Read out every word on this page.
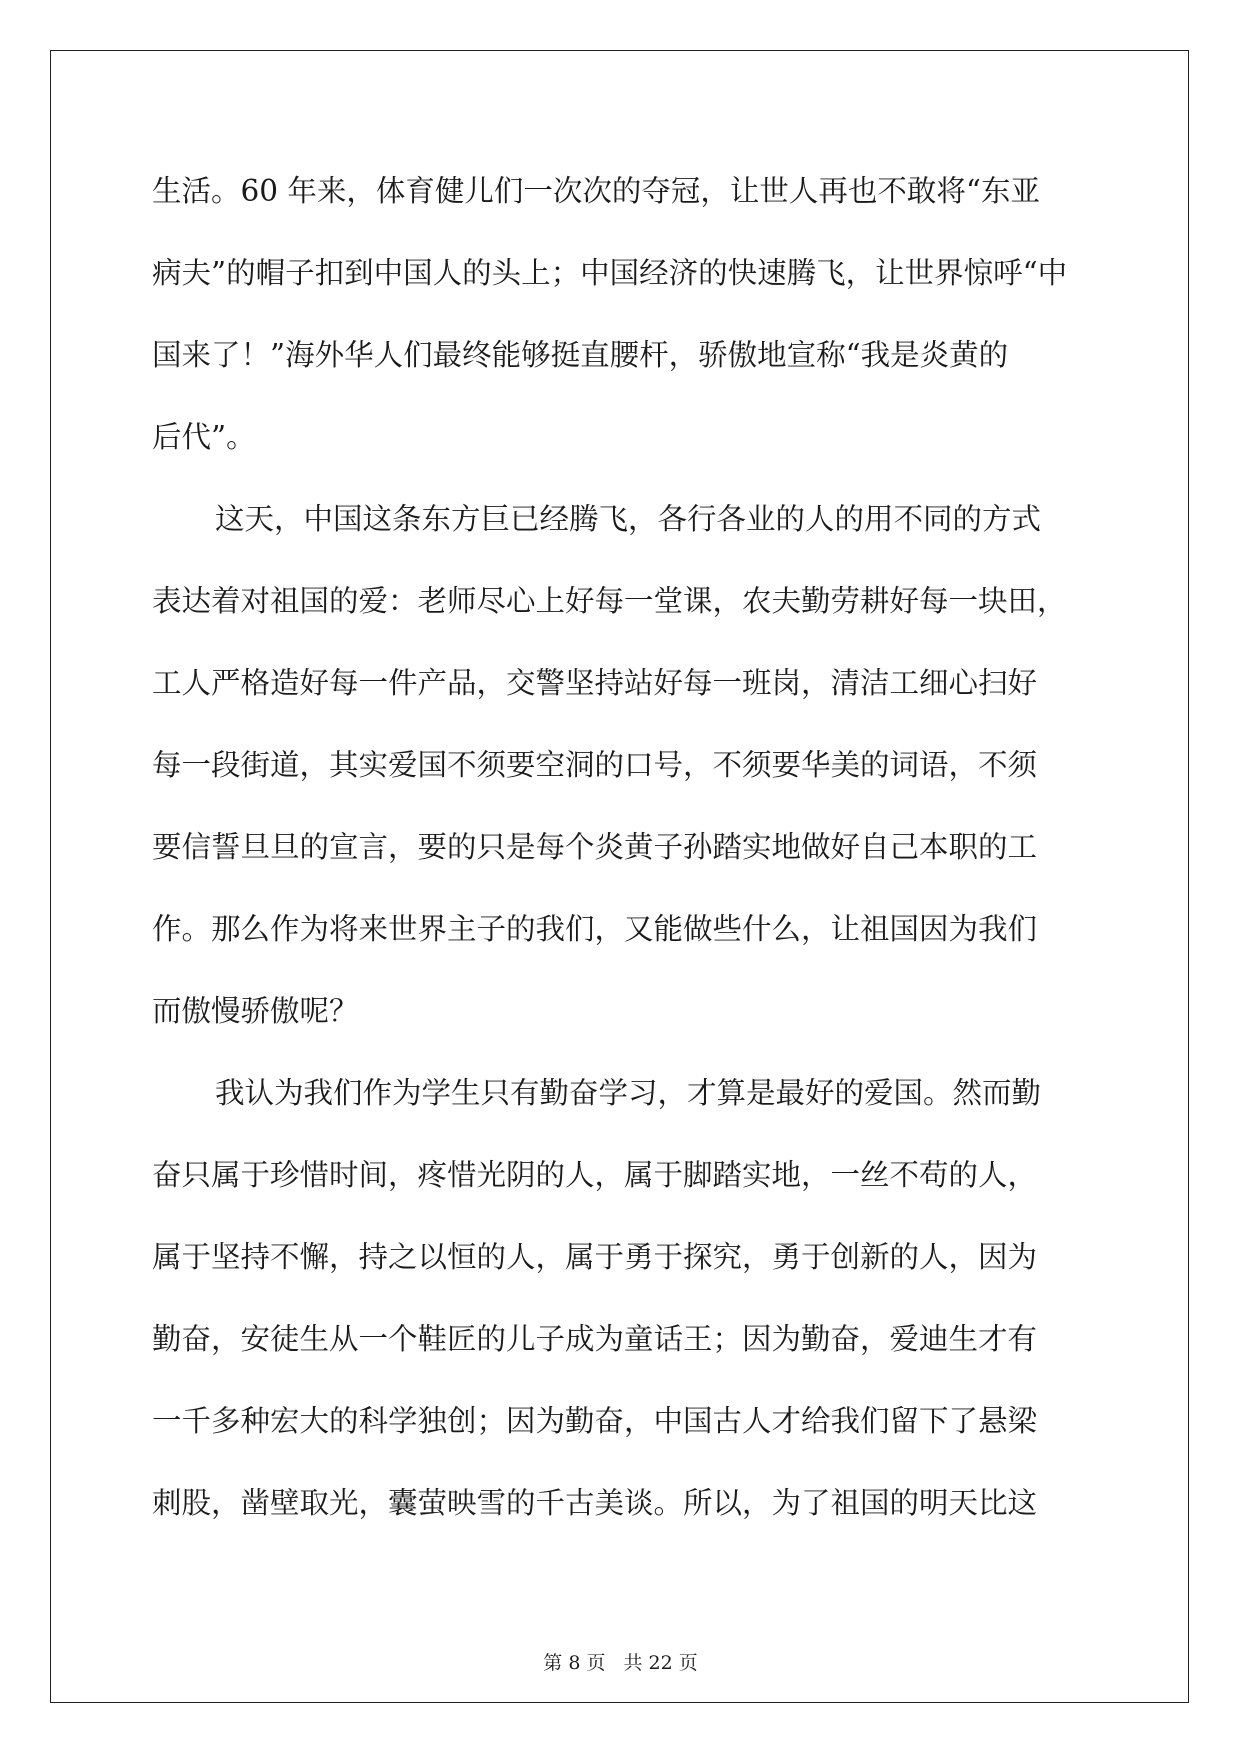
生活。60 年来，体育健儿们一次次的夺冠，让世人再也不敢将“东亚
病夫”的帽子扣到中国人的头上；中国经济的快速腾飞，让世界惊呼“中
国来了！”海外华人们最终能够挺直腰杆，骄傲地宣称“我是炎黄的
后代”。
这天，中国这条东方巨已经腾飞，各行各业的人的用不同的方式
表达着对祖国的爱：老师尽心上好每一堂课，农夫勤劳耕好每一块田，
工人严格造好每一件产品，交警坚持站好每一班岗，清洁工细心扫好
每一段街道，其实爱国不须要空洞的口号，不须要华美的词语，不须
要信誓旦旦的宣言，要的只是每个炎黄子孙踏实地做好自己本职的工
作。那么作为将来世界主子的我们，又能做些什么，让祖国因为我们
而傲慢骄傲呢？
我认为我们作为学生只有勤奋学习，才算是最好的爱国。然而勤
奋只属于珍惜时间，疼惜光阴的人，属于脚踏实地，一丝不苟的人，
属于坚持不懈，持之以恒的人，属于勇于探究，勇于创新的人，因为
勤奋，安徒生从一个鞋匠的儿子成为童话王；因为勤奋，爱迪生才有
一千多种宏大的科学独创；因为勤奋，中国古人才给我们留下了悬梁
刺股，凿壁取光，囊萤映雪的千古美谈。所以，为了祖国的明天比这
第 8 页 共 22 页
